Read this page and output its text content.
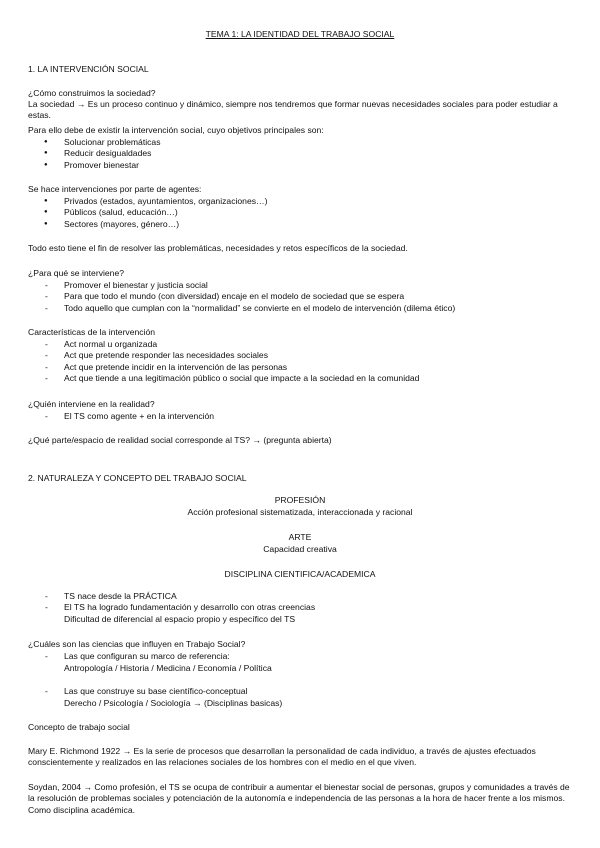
TEMA 1: LA IDENTIDAD DEL TRABAJO SOCIAL
1. LA INTERVENCIÓN SOCIAL
¿Cómo construimos la sociedad?

La sociedad → Es un proceso continuo y dinámico, siempre nos tendremos que formar nuevas necesidades sociales para poder estudiar a estas.

Para ello debe de existir la intervención social, cuyo objetivos principales son:

● Solucionar problemáticas
● Reducir desigualdades
● Promover bienestar

Se hace intervenciones por parte de agentes:

● Privados (estados, ayuntamientos, organizaciones…)
● Públicos (salud, educación…)
● Sectores (mayores, género…)

Todo esto tiene el fin de resolver las problemáticas, necesidades y retos específicos de la sociedad.

¿Para qué se interviene?
- Promover el bienestar y justicia social
- Para que todo el mundo (con diversidad) encaje en el modelo de sociedad que se espera
- Todo aquello que cumplan con la “normalidad” se convierte en el modelo de intervención (dilema ético)
Características de la intervención
- Act normal u organizada
- Act que pretende responder las necesidades sociales
- Act que pretende incidir en la intervención de las personas
- Act que tiende a una legitimación público o social que impacte a la sociedad en la comunidad
¿Quién interviene en la realidad?
- El TS como agente + en la intervención
¿Qué parte/espacio de realidad social corresponde al TS? → (pregunta abierta)
2. NATURALEZA Y CONCEPTO DEL TRABAJO SOCIAL
PROFESIÓN
Acción profesional sistematizada, interaccionada y racional
ARTE
Capacidad creativa
DISCIPLINA CIENTIFICA/ACADEMICA
- TS nace desde la PRÁCTICA
- El TS ha logrado fundamentación y desarrollo con otras creencias
Dificultad de diferencial al espacio propio y específico del TS
¿Cuáles son las ciencias que influyen en Trabajo Social?
- Las que configuran su marco de referencia:
Antropología / Historia / Medicina / Economía / Política
- Las que construye su base científico-conceptual
Derecho / Psicología / Sociología → (Disciplinas basicas)
Concepto de trabajo social

Mary E. Richmond 1922 → Es la serie de procesos que desarrollan la personalidad de cada individuo, a través de ajustes efectuados conscientemente y realizados en las relaciones sociales de los hombres con el medio en el que viven.

Soydan, 2004 → Como profesión, el TS se ocupa de contribuir a aumentar el bienestar social de personas, grupos y comunidades a través de la resolución de problemas sociales y potenciación de la autonomía e independencia de las personas a la hora de hacer frente a los mismos. Como disciplina académica.
